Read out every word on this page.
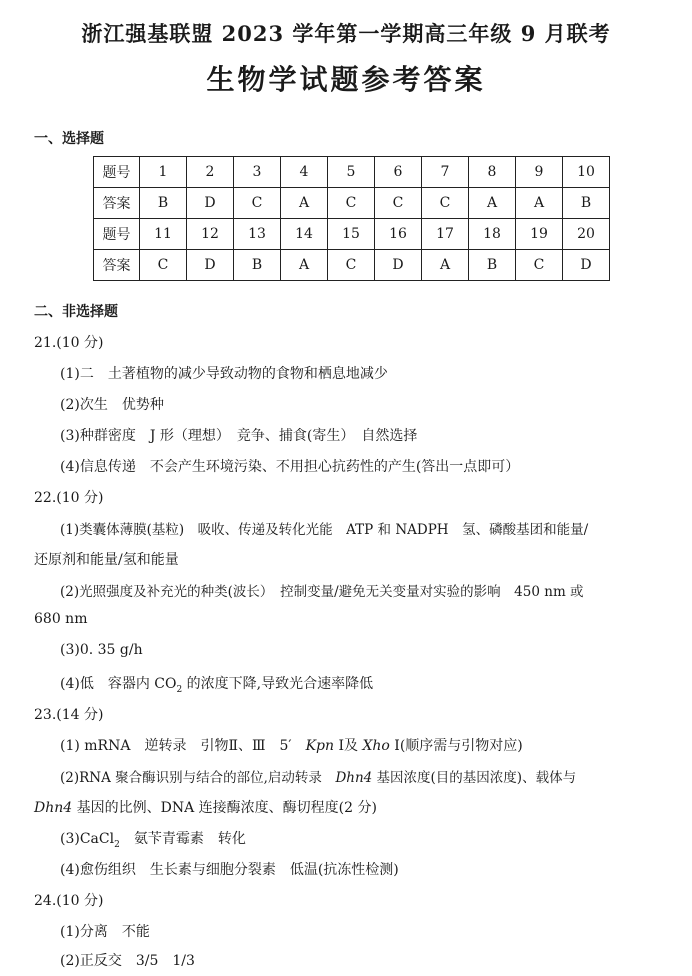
浙江强基联盟 2023 学年第一学期高三年级 9 月联考
生物学试题参考答案
一、选择题
题号	1	2	3	4	5	6	7	8	9	10
答案	B	D	C	A	C	C	C	A	A	B
题号	11	12	13	14	15	16	17	18	19	20
答案	C	D	B	A	C	D	A	B	C	D
二、非选择题
21.(10 分)
(1)二　土著植物的减少导致动物的食物和栖息地减少
(2)次生　优势种
(3)种群密度　J 形（理想）　竞争、捕食(寄生）　自然选择
(4)信息传递　不会产生环境污染、不用担心抗药性的产生(答出一点即可）
22.(10 分)
(1)类囊体薄膜(基粒)　吸收、传递及转化光能　ATP 和 NADPH　氢、磷酸基团和能量/
还原剂和能量/氢和能量
(2)光照强度及补充光的种类(波长）　控制变量/避免无关变量对实验的影响　450 nm 或
680 nm
(3)0. 35 g/h
(4)低　容器内 $CO_2$ 的浓度下降,导致光合速率降低
23.(14 分)
(1) mRNA　逆转录　引物Ⅱ、Ⅲ　5′　Kpn Ⅰ及 Xho Ⅰ(顺序需与引物对应)
(2)RNA 聚合酶识别与结合的部位,启动转录　Dhn4 基因浓度(目的基因浓度)、载体与
Dhn4 基因的比例、DNA 连接酶浓度、酶切程度(2 分)
(3)CaCl$_2$　氨苄青霉素　转化
(4)愈伤组织　生长素与细胞分裂素　低温(抗冻性检测)
24.(10 分)
(1)分离　不能
(2)正反交　3/5　1/3
